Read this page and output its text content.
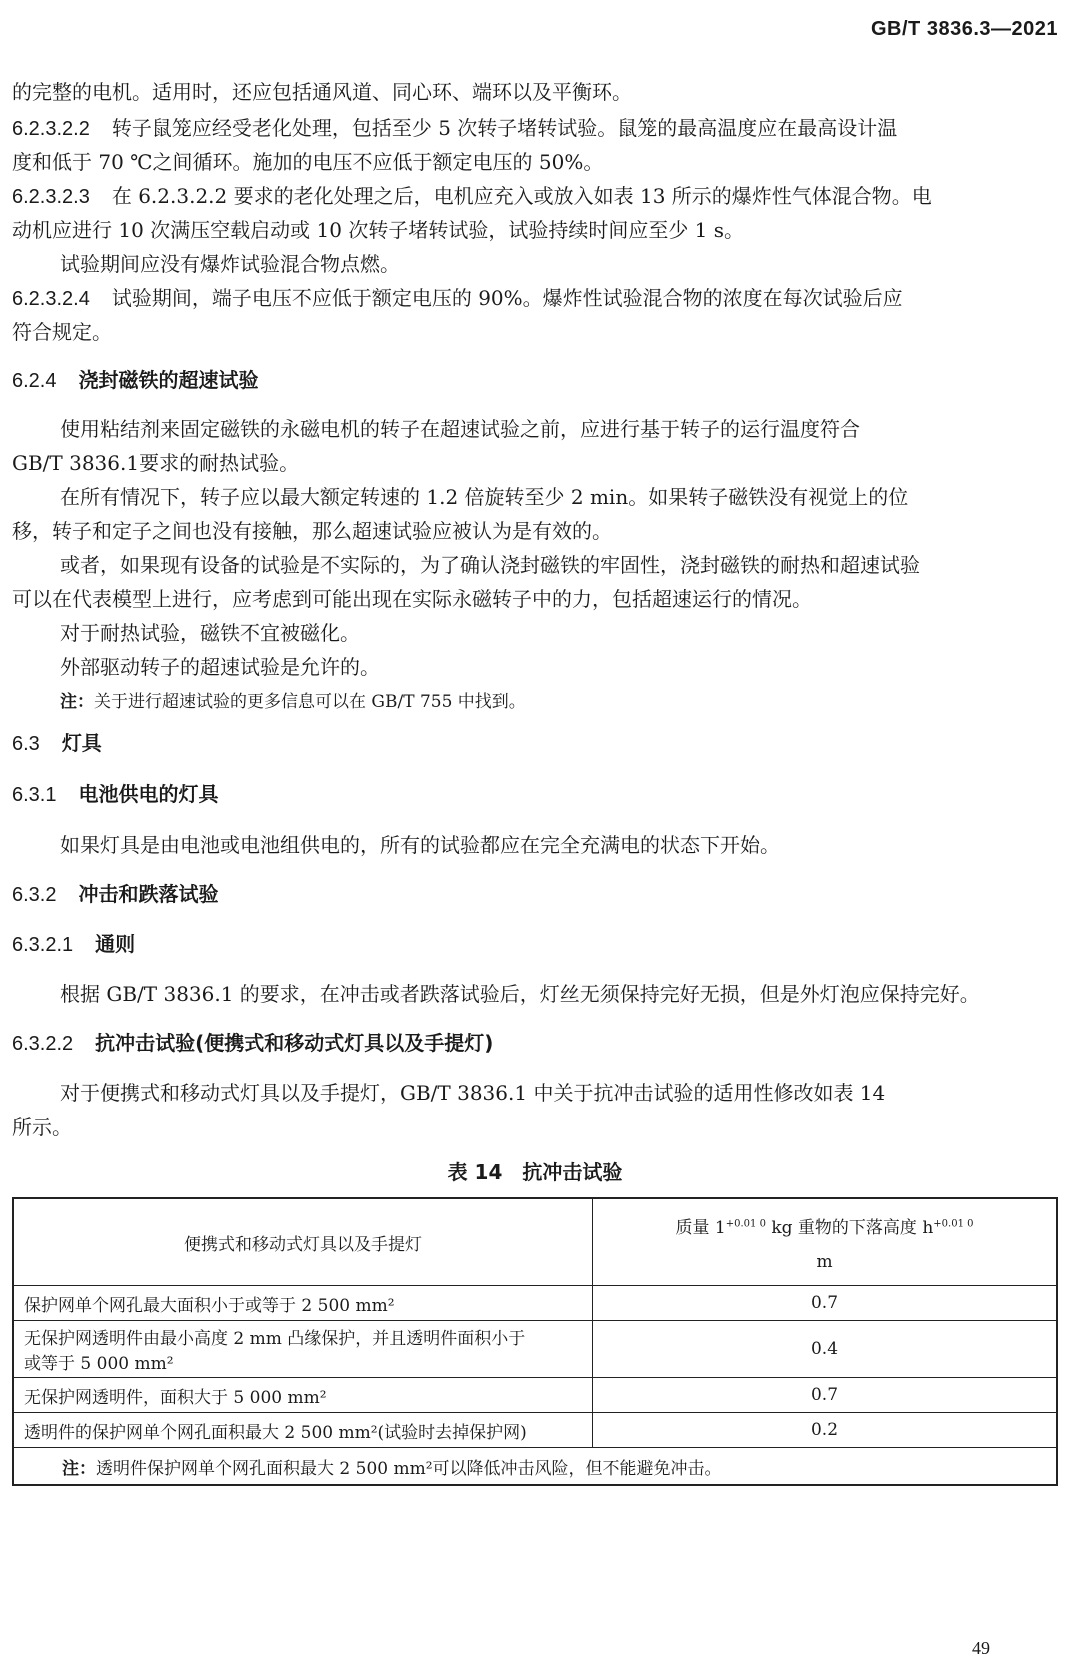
GB/T 3836.3—2021
的完整的电机。适用时，还应包括通风道、同心环、端环以及平衡环。
6.2.3.2.2 转子鼠笼应经受老化处理，包括至少 5 次转子堵转试验。鼠笼的最高温度应在最高设计温
度和低于 70 ℃之间循环。施加的电压不应低于额定电压的 50%。
6.2.3.2.3 在 6.2.3.2.2 要求的老化处理之后，电机应充入或放入如表 13 所示的爆炸性气体混合物。电
动机应进行 10 次满压空载启动或 10 次转子堵转试验，试验持续时间应至少 1 s。
试验期间应没有爆炸试验混合物点燃。
6.2.3.2.4 试验期间，端子电压不应低于额定电压的 90%。爆炸性试验混合物的浓度在每次试验后应
符合规定。
6.2.4 浇封磁铁的超速试验
使用粘结剂来固定磁铁的永磁电机的转子在超速试验之前，应进行基于转子的运行温度符合
GB/T 3836.1要求的耐热试验。
在所有情况下，转子应以最大额定转速的 1.2 倍旋转至少 2 min。如果转子磁铁没有视觉上的位
移，转子和定子之间也没有接触，那么超速试验应被认为是有效的。
或者，如果现有设备的试验是不实际的，为了确认浇封磁铁的牢固性，浇封磁铁的耐热和超速试验
可以在代表模型上进行，应考虑到可能出现在实际永磁转子中的力，包括超速运行的情况。
对于耐热试验，磁铁不宜被磁化。
外部驱动转子的超速试验是允许的。
注：关于进行超速试验的更多信息可以在 GB/T 755 中找到。
6.3 灯具
6.3.1 电池供电的灯具
如果灯具是由电池或电池组供电的，所有的试验都应在完全充满电的状态下开始。
6.3.2 冲击和跌落试验
6.3.2.1 通则
根据 GB/T 3836.1 的要求，在冲击或者跌落试验后，灯丝无须保持完好无损，但是外灯泡应保持完好。
6.3.2.2 抗冲击试验(便携式和移动式灯具以及手提灯)
对于便携式和移动式灯具以及手提灯，GB/T 3836.1 中关于抗冲击试验的适用性修改如表 14
所示。
表 14　抗冲击试验
便携式和移动式灯具以及手提灯	质量 $1^{+0.01 0}$ kg 重物的下落高度 $h^{+0.01 0}$
m

保护网单个网孔最大面积小于或等于 2 500 mm²	0.7

无保护网透明件由最小高度 2 mm 凸缘保护，并且透明件面积小于
或等于 5 000 mm²	0.4
无保护网透明件，面积大于 5 000 mm²	0.7
透明件的保护网单个网孔面积最大 2 500 mm²(试验时去掉保护网)	0.2
注：透明件保护网单个网孔面积最大 2 500 mm²可以降低冲击风险，但不能避免冲击。	
49
